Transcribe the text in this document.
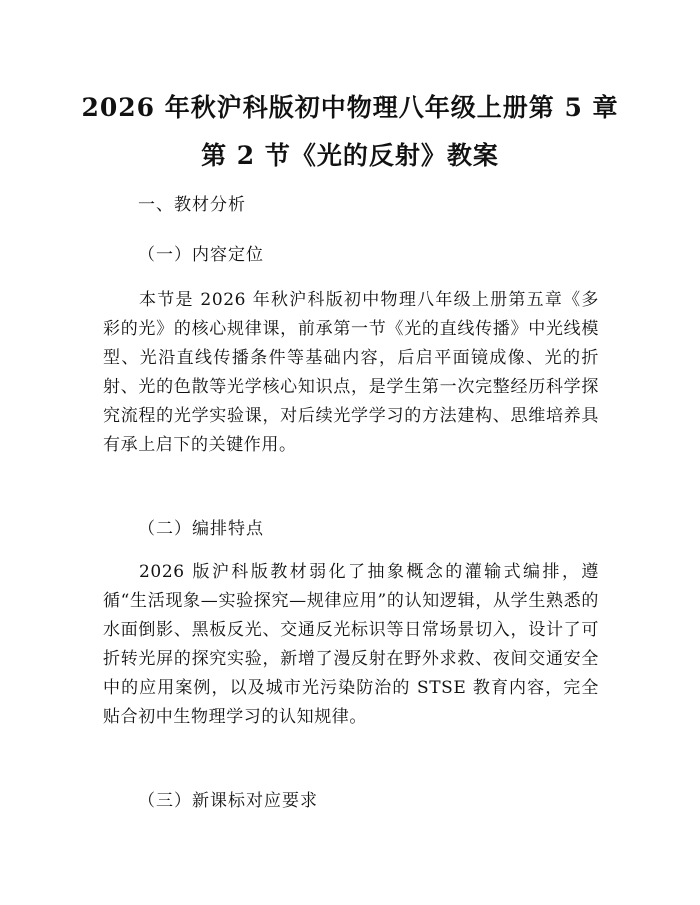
2026 年秋沪科版初中物理八年级上册第 5 章
第 2 节《光的反射》教案
一、教材分析
（一）内容定位
本节是 2026 年秋沪科版初中物理八年级上册第五章《多彩的光》的核心规律课，前承第一节《光的直线传播》中光线模型、光沿直线传播条件等基础内容，后启平面镜成像、光的折射、光的色散等光学核心知识点，是学生第一次完整经历科学探究流程的光学实验课，对后续光学学习的方法建构、思维培养具有承上启下的关键作用。
（二）编排特点
2026 版沪科版教材弱化了抽象概念的灌输式编排，遵循“生活现象—实验探究—规律应用”的认知逻辑，从学生熟悉的水面倒影、黑板反光、交通反光标识等日常场景切入，设计了可折转光屏的探究实验，新增了漫反射在野外求救、夜间交通安全中的应用案例，以及城市光污染防治的 STSE 教育内容，完全贴合初中生物理学习的认知规律。
（三）新课标对应要求
